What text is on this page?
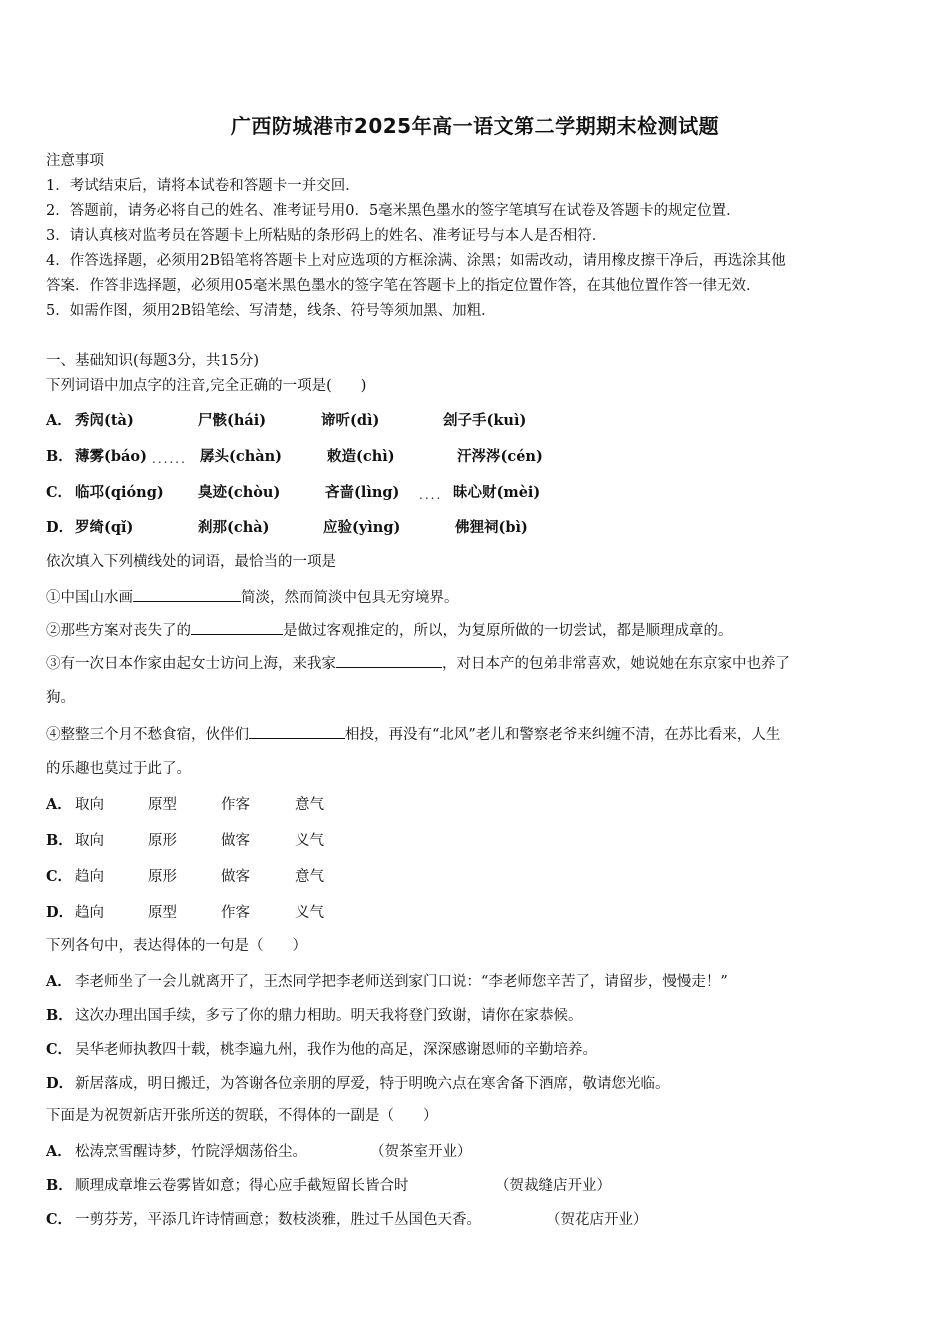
广西防城港市2025年高一语文第二学期期末检测试题
注意事项
1．考试结束后，请将本试卷和答题卡一并交回．
2．答题前，请务必将自己的姓名、准考证号用0．5毫米黑色墨水的签字笔填写在试卷及答题卡的规定位置．
3．请认真核对监考员在答题卡上所粘贴的条形码上的姓名、准考证号与本人是否相符．
4．作答选择题，必须用2B铅笔将答题卡上对应选项的方框涂满、涂黑；如需改动，请用橡皮擦干净后，再选涂其他
答案．作答非选择题，必须用05毫米黑色墨水的签字笔在答题卡上的指定位置作答，在其他位置作答一律无效．
5．如需作图，须用2B铅笔绘、写清楚，线条、符号等须加黑、加粗．
一、基础知识(每题3分，共15分)
下列词语中加点字的注音,完全正确的一项是(　　)
A． 秀闶(tà)	尸骸(hái)	谛听(dì)	刽子手(kuì)
B． 薄雾(báo)	孱头(chàn)	敕造(chì)	汗涔涔(cén)
......
C． 临邛(qióng) 臭迹(chòu)	吝啬(lìng)	昧心财(mèi)
....
D． 罗绮(qǐ)	刹那(chà)	应验(yìng)	佛狸祠(bì)
依次填入下列横线处的词语，最恰当的一项是
①中国山水画	简淡，然而简淡中包具无穷境界。
②那些方案对丧失了的	是做过客观推定的，所以，为复原所做的一切尝试，都是顺理成章的。
③有一次日本作家由起女士访问上海，来我家	，对日本产的包弟非常喜欢，她说她在东京家中也养了
狗。
④整整三个月不愁食宿，伙伴们	相投，再没有“北风”老儿和警察老爷来纠缠不清，在苏比看来，人生
的乐趣也莫过于此了。
A． 取向	原型	作客	意气
B． 取向	原形	做客	义气
C． 趋向	原形	做客	意气
D． 趋向	原型	作客	义气
下列各句中，表达得体的一句是（　　）
A． 李老师坐了一会儿就离开了，王杰同学把李老师送到家门口说：“李老师您辛苦了，请留步，慢慢走！”
B． 这次办理出国手续，多亏了你的鼎力相助。明天我将登门致谢，请你在家恭候。
C． 吴华老师执教四十载，桃李遍九州，我作为他的高足，深深感谢恩师的辛勤培养。
D． 新居落成，明日搬迁，为答谢各位亲朋的厚爱，特于明晚六点在寒舍备下酒席，敬请您光临。
下面是为祝贺新店开张所送的贺联，不得体的一副是（　　）
A． 松涛烹雪醒诗梦，竹院浮烟荡俗尘。	（贺茶室开业）
B． 顺理成章堆云卷雾皆如意；得心应手截短留长皆合时	（贺裁缝店开业）
C． 一剪芬芳，平添几许诗情画意；数枝淡雅，胜过千丛国色天香。	（贺花店开业）
